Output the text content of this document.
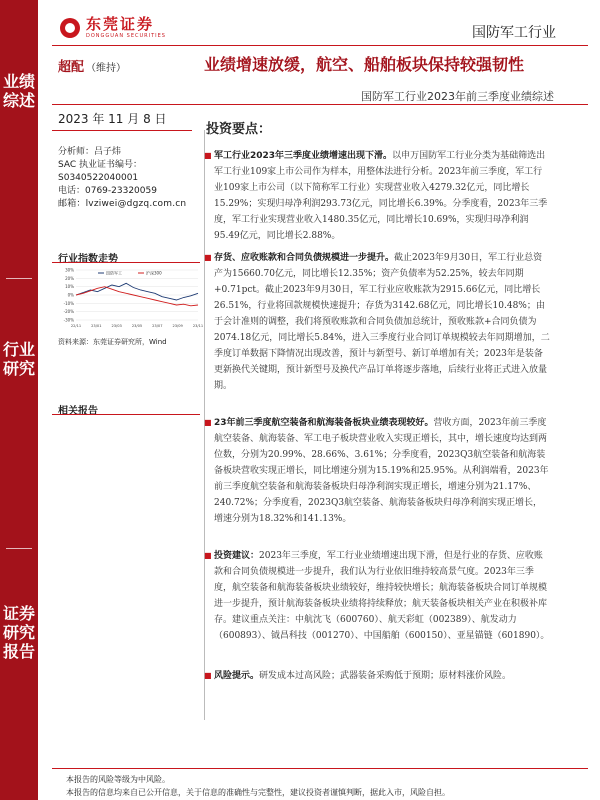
业绩综述
行业研究
证券研究报告
东莞证券
DONGGUAN SECURITIES	国防军工行业
超配 （维持）	业绩增速放缓，航空、船舶板块保持较强韧性
国防军工行业2023年前三季度业绩综述
2023 年 11 月 8 日
分析师：吕子炜
SAC 执业证书编号：
S0340522040001
电话：0769-23320059
邮箱：lvziwei@dgzq.com.cn
行业指数走势
30%
20%
10%
0%
-10%
-20%
-30%
22/11	23/01	23/03	23/05	23/07	23/09	23/11
国防军工	沪深300
资料来源：东莞证券研究所，Wind
相关报告
投资要点：
■ 军工行业2023年三季度业绩增速出现下滑。以申万国防军工行业分类为基础筛选出军工行业109家上市公司作为样本，用整体法进行分析。2023年前三季度，军工行业109家上市公司（以下简称军工行业）实现营业收入4279.32亿元，同比增长15.29%；实现归母净利润293.73亿元，同比增长6.39%。分季度看，2023年三季度，军工行业实现营业收入1480.35亿元，同比增长10.69%，实现归母净利润95.49亿元，同比增长2.88%。
■ 存货、应收账款和合同负债规模进一步提升。截止2023年9月30日，军工行业总资产为15660.70亿元，同比增长12.35%；资产负债率为52.25%，较去年同期+0.71pct。截止2023年9月30日，军工行业应收账款为2915.66亿元，同比增长26.51%，行业将回款规模快速提升；存货为3142.68亿元，同比增长10.48%；由于会计准则的调整，我们将预收账款和合同负债加总统计，预收账款+合同负债为2074.18亿元，同比增长5.84%，进入三季度行业合同订单规模较去年同期增加，二季度订单数据下降情况出现改善，预计与新型号、新订单增加有关；2023年是装备更新换代关键期，预计新型号及换代产品订单将逐步落地，后续行业将正式进入放量期。
■ 23年前三季度航空装备和航海装备板块业绩表现较好。营收方面，2023年前三季度航空装备、航海装备、军工电子板块营业收入实现正增长，其中，增长速度均达到两位数，分别为20.99%、28.66%、3.61%；分季度看，2023Q3航空装备和航海装备板块营收实现正增长，同比增速分别为15.19%和25.95%。从利润端看，2023年前三季度航空装备和航海装备板块归母净利润实现正增长，增速分别为21.17%、240.72%；分季度看，2023Q3航空装备、航海装备板块归母净利润实现正增长，增速分别为18.32%和141.13%。
■ 投资建议：2023年三季度，军工行业业绩增速出现下滑，但是行业的存货、应收账款和合同负债规模进一步提升，我们认为行业依旧维持较高景气度。2023年三季度，航空装备和航海装备板块业绩较好，维持较快增长；航海装备板块合同订单规模进一步提升，预计航海装备板块业绩将持续释放；航天装备板块相关产业在积极补库存。建议重点关注：中航沈飞（600760）、航天彩虹（002389）、航发动力（600893）、钺昌科技（001270）、中国船舶（600150）、亚星锚链（601890）。
■ 风险提示。研发成本过高风险；武器装备采购低于预期；原材料涨价风险。
本报告的风险等级为中风险。
本报告的信息均来自已公开信息，关于信息的准确性与完整性，建议投资者谨慎判断，据此入市，风险自担。
